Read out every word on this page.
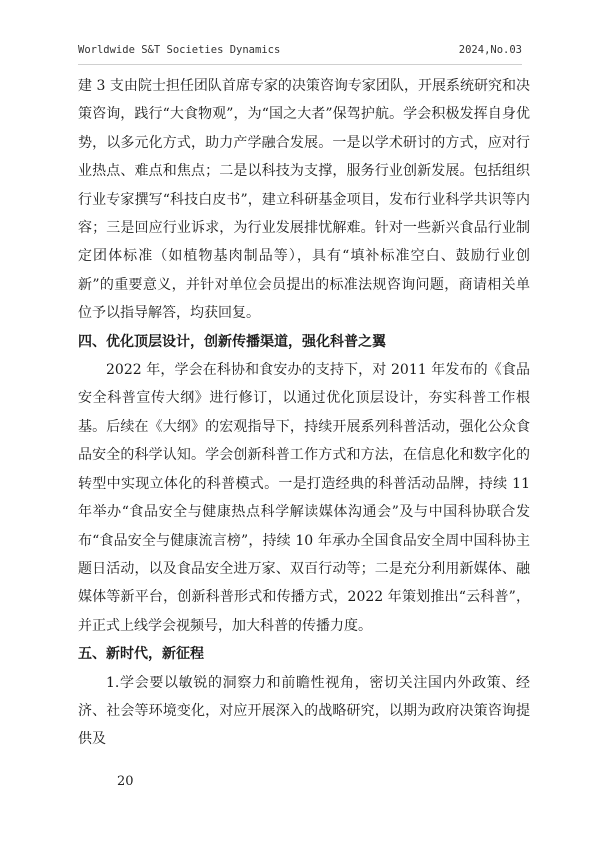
Worldwide S&T Societies Dynamics	2024,No.03

建 3 支由院士担任团队首席专家的决策咨询专家团队，开展系统研究和决策咨询，践行“大食物观”，为“国之大者”保驾护航。学会积极发挥自身优势，以多元化方式，助力产学融合发展。一是以学术研讨的方式，应对行业热点、难点和焦点；二是以科技为支撑，服务行业创新发展。包括组织行业专家撰写“科技白皮书”，建立科研基金项目，发布行业科学共识等内容；三是回应行业诉求，为行业发展排忧解难。针对一些新兴食品行业制定团体标准（如植物基肉制品等），具有“填补标准空白、鼓励行业创新”的重要意义，并针对单位会员提出的标准法规咨询问题，商请相关单位予以指导解答，均获回复。

四、优化顶层设计，创新传播渠道，强化科普之翼

2022 年，学会在科协和食安办的支持下，对 2011 年发布的《食品安全科普宣传大纲》进行修订，以通过优化顶层设计，夯实科普工作根基。后续在《大纲》的宏观指导下，持续开展系列科普活动，强化公众食品安全的科学认知。学会创新科普工作方式和方法，在信息化和数字化的转型中实现立体化的科普模式。一是打造经典的科普活动品牌，持续 11 年举办“食品安全与健康热点科学解读媒体沟通会”及与中国科协联合发布“食品安全与健康流言榜”，持续 10 年承办全国食品安全周中国科协主题日活动，以及食品安全进万家、双百行动等；二是充分利用新媒体、融媒体等新平台，创新科普形式和传播方式，2022 年策划推出“云科普”，并正式上线学会视频号，加大科普的传播力度。

五、新时代，新征程

1.学会要以敏锐的洞察力和前瞻性视角，密切关注国内外政策、经济、社会等环境变化，对应开展深入的战略研究，以期为政府决策咨询提供及

20
